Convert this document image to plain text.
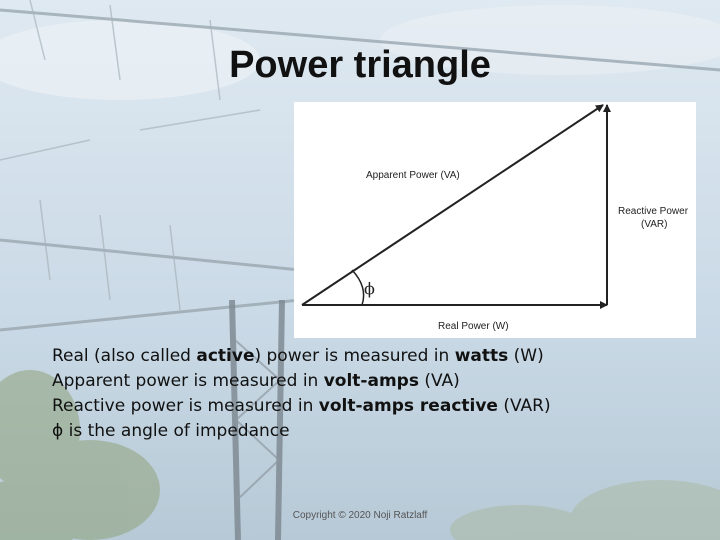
Power triangle
ϕ
Apparent Power (VA)
Reactive Power
(VAR)
Real Power (W)
Real (also called active) power is measured in watts (W)
Apparent power is measured in volt-amps (VA)
Reactive power is measured in volt-amps reactive (VAR)
ϕ is the angle of impedance
Copyright © 2020 Noji Ratzlaff
